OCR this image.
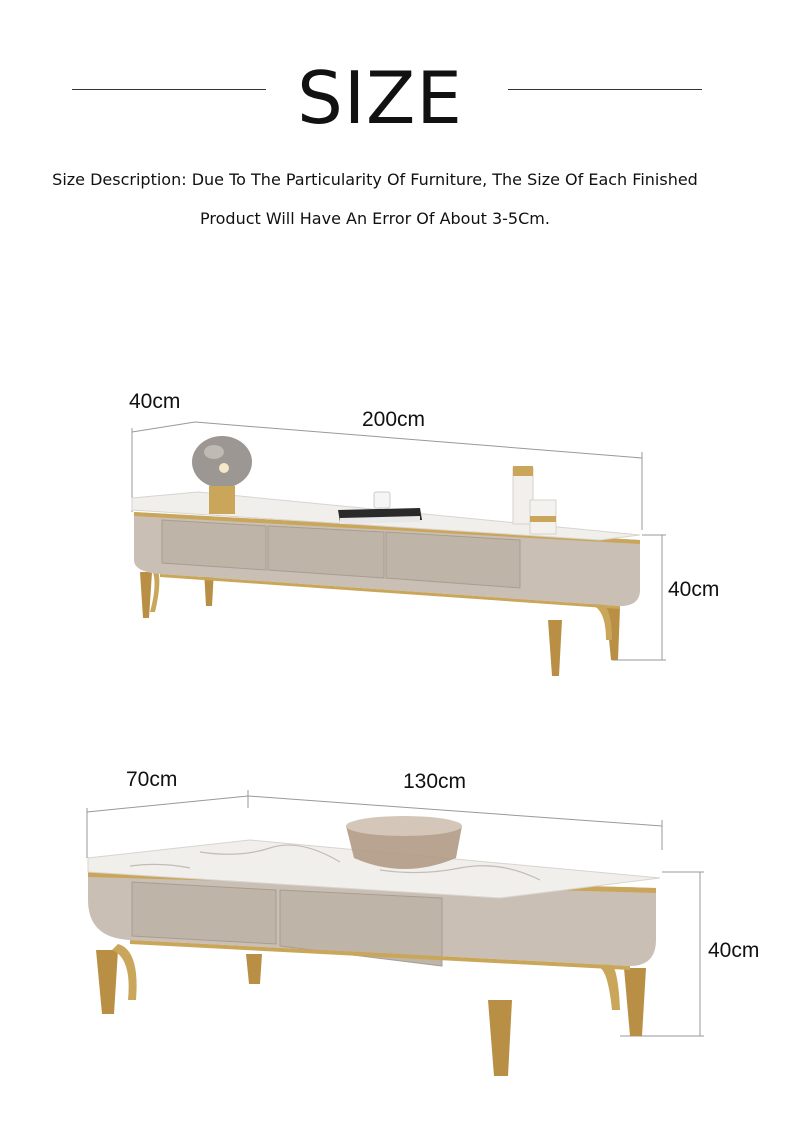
SIZE
Size Description: Due To The Particularity Of Furniture, The Size Of Each Finished
Product Will Have An Error Of About 3-5Cm.
40cm
200cm
40cm
70cm	130cm
40cm
